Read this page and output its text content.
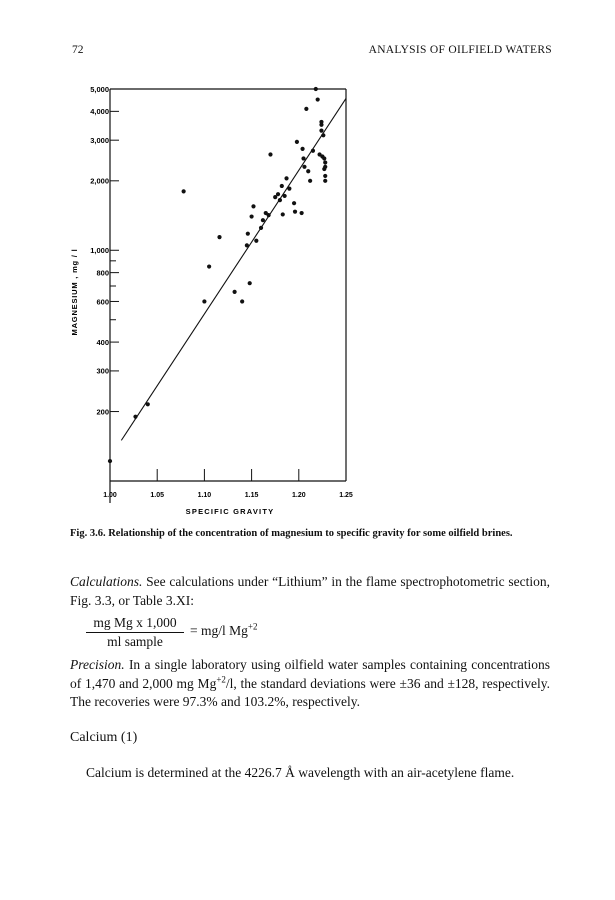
72	ANALYSIS OF OILFIELD WATERS
200
300
400
600
800
1,000
2,000
3,000
4,000
5,000
1.00	1.05	1.10	1.15	1.20	1.25
SPECIFIC GRAVITY
MAGNESIUM , mg / l
Fig. 3.6. Relationship of the concentration of magnesium to specific gravity for some oilfield brines.
Calculations. See calculations under “Lithium” in the flame spectrophotometric section, Fig. 3.3, or Table 3.XI:
mg Mg x 1,000
ml sample
= mg/l $Mg^{+2}$
Precision. In a single laboratory using oilfield water samples containing concentrations of 1,470 and 2,000 mg $Mg^{+2}/l$, the standard deviations were ±36 and ±128, respectively. The recoveries were 97.3% and 103.2%, respectively.
Calcium (1)
Calcium is determined at the 4226.7 Å wavelength with an air-acetylene flame.
